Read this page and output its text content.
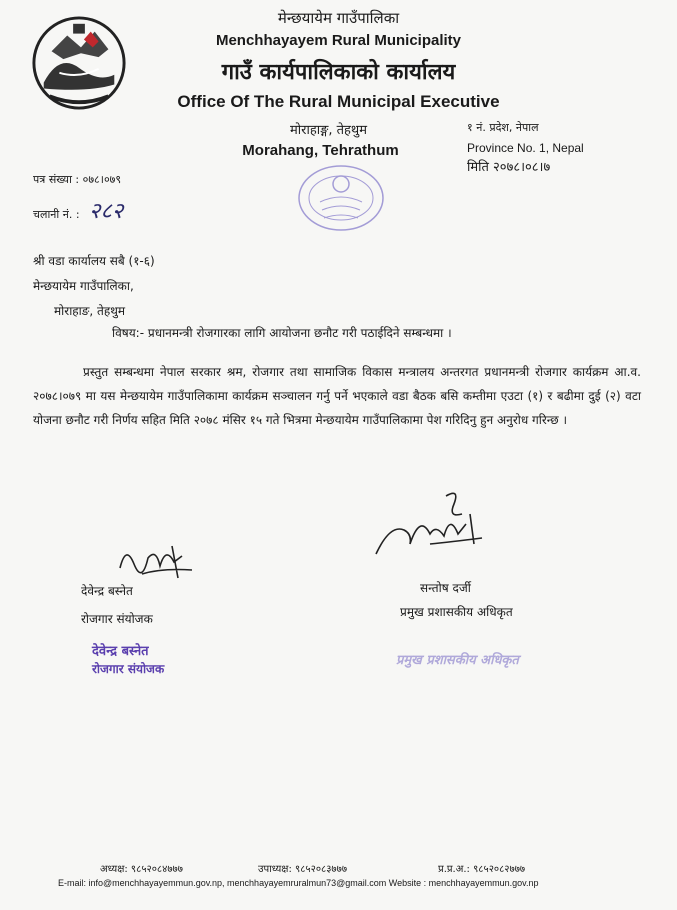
मेन्छयायेम गाउँपालिका
Menchhayayem Rural Municipality
गाउँ कार्यपालिकाको कार्यालय
Office Of The Rural Municipal Executive
मोराहाङ्ग, तेहथुम
Morahang, Tehrathum
१ नं. प्रदेश, नेपाल
Province No. 1, Nepal
मिति २०७८।०८।७
पत्र संख्या : ०७८।०७९
चलानी नं. : २८२
श्री वडा कार्यालय सबै (१-६)
मेन्छयायेम गाउँपालिका,
मोराहाङ, तेहथुम
विषय:- प्रधानमन्त्री रोजगारका लागि आयोजना छनौट गरी पठाईदिने सम्बन्धमा ।
प्रस्तुत सम्बन्धमा नेपाल सरकार श्रम, रोजगार तथा सामाजिक विकास मन्त्रालय अन्तरगत प्रधानमन्त्री रोजगार कार्यक्रम आ.व. २०७८।०७९ मा यस मेन्छयायेम गाउँपालिकामा कार्यक्रम सञ्चालन गर्नु पर्ने भएकाले वडा बैठक बसि कम्तीमा एउटा (१) र बढीमा दुई (२) वटा योजना छनौट गरी निर्णय सहित मिति २०७८ मंसिर १५ गते भित्रमा मेन्छयायेम गाउँपालिकामा पेश गरिदिनु हुन अनुरोध गरिन्छ ।
देवेन्द्र बस्नेत
रोजगार संयोजक
सन्तोष दर्जी
प्रमुख प्रशासकीय अधिकृत
देवेन्द्र बस्नेत
रोजगार संयोजक
प्रमुख प्रशासकीय अधिकृत
अध्यक्ष: ९८५२०८४७७७	उपाध्यक्ष: ९८५२०८३७७७	प्र.प्र.अ.: ९८५२०८२७७७
E-mail: info@menchhayayemmun.gov.np, menchhayayemruralmun73@gmail.com Website : menchhayayemmun.gov.np
